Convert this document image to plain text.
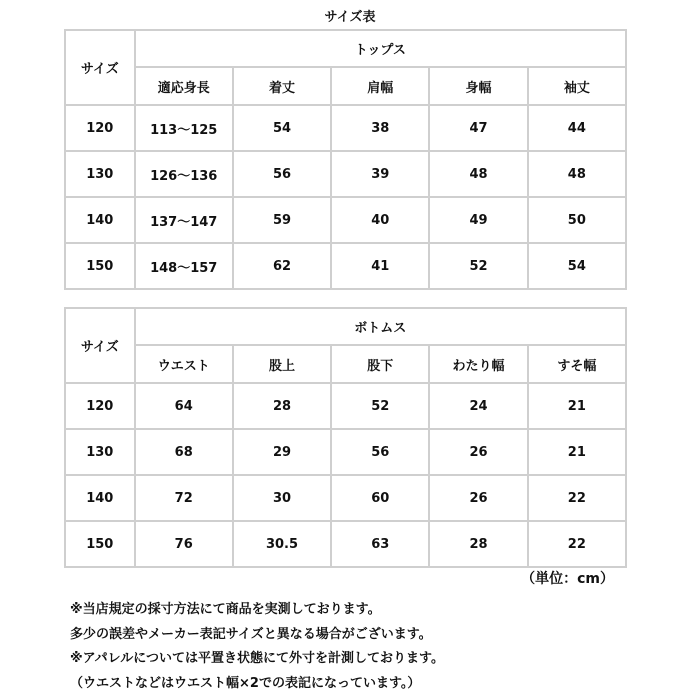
サイズ表
サイズ	トップス				
	適応身長	着丈	肩幅	身幅	袖丈
120	113～125	54	38	47	44
130	126～136	56	39	48	48
140	137～147	59	40	49	50
150	148～157	62	41	52	54
サイズ	ボトムス				
	ウエスト	股上	股下	わたり幅	すそ幅
120	64	28	52	24	21
130	68	29	56	26	21
140	72	30	60	26	22
150	76	30.5	63	28	22
（単位：cm）
※当店規定の採寸方法にて商品を実測しております。
多少の誤差やメーカー表記サイズと異なる場合がございます。
※アパレルについては平置き状態にて外寸を計測しております。
（ウエストなどはウエスト幅×2での表記になっています。）
